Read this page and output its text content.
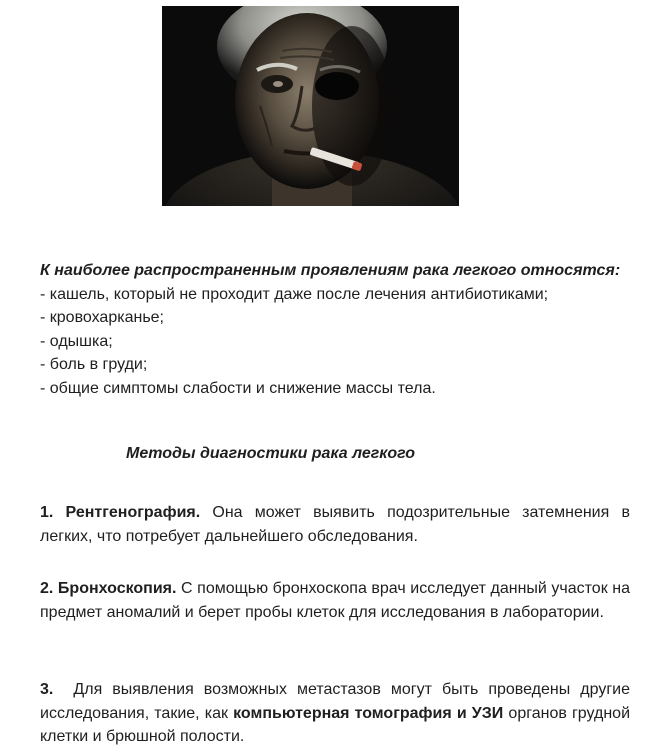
К наиболее распространенным проявлениям рака легкого относятся:

- кашель, который не проходит даже после лечения антибиотиками;
- кровохарканье;
- одышка;
- боль в груди;
- общие симптомы слабости и снижение массы тела.
Методы диагностики рака легкого

1. Рентгенография. Она может выявить подозрительные затемнения в легких, что потребует дальнейшего обследования.

2. Бронхоскопия. С помощью бронхоскопа врач исследует данный участок на предмет аномалий и берет пробы клеток для исследования в лаборатории.

3.  Для выявления возможных метастазов могут быть проведены другие исследования, такие, как компьютерная томография и УЗИ органов грудной клетки и брюшной полости.
